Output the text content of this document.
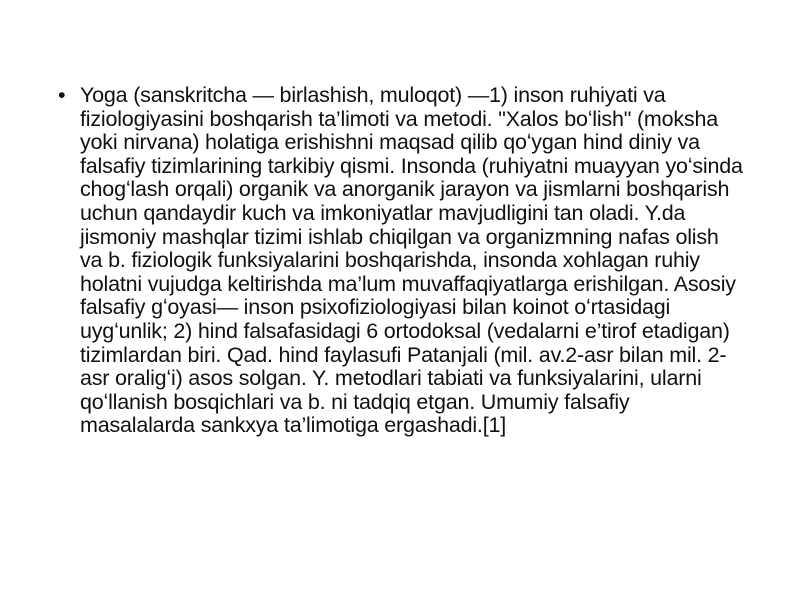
• Yoga (sanskritcha — birlashish, muloqot) —1) inson ruhiyati va fiziologiyasini boshqarish ta’limoti va metodi. "Xalos boʻlish" (moksha yoki nirvana) holatiga erishishni maqsad qilib qoʻygan hind diniy va falsafiy tizimlarining tarkibiy qismi. Insonda (ruhiyatni muayyan yoʻsinda chogʻlash orqali) organik va anorganik jarayon va jismlarni boshqarish uchun qandaydir kuch va imkoniyatlar mavjudligini tan oladi. Y.da jismoniy mashqlar tizimi ishlab chiqilgan va organizmning nafas olish va b. fiziologik funksiyalarini boshqarishda, insonda xohlagan ruhiy holatni vujudga keltirishda ma’lum muvaffaqiyatlarga erishilgan. Asosiy falsafiy gʻoyasi— inson psixofiziologiyasi bilan koinot oʻrtasidagi uygʻunlik; 2) hind falsafasidagi 6 ortodoksal (vedalarni e’tirof etadigan) tizimlardan biri. Qad. hind faylasufi Patanjali (mil. av.2-asr bilan mil. 2-asr oraligʻi) asos solgan. Y. metodlari tabiati va funksiyalarini, ularni qoʻllanish bosqichlari va b. ni tadqiq etgan. Umumiy falsafiy masalalarda sankxya ta’limotiga ergashadi.[1]
